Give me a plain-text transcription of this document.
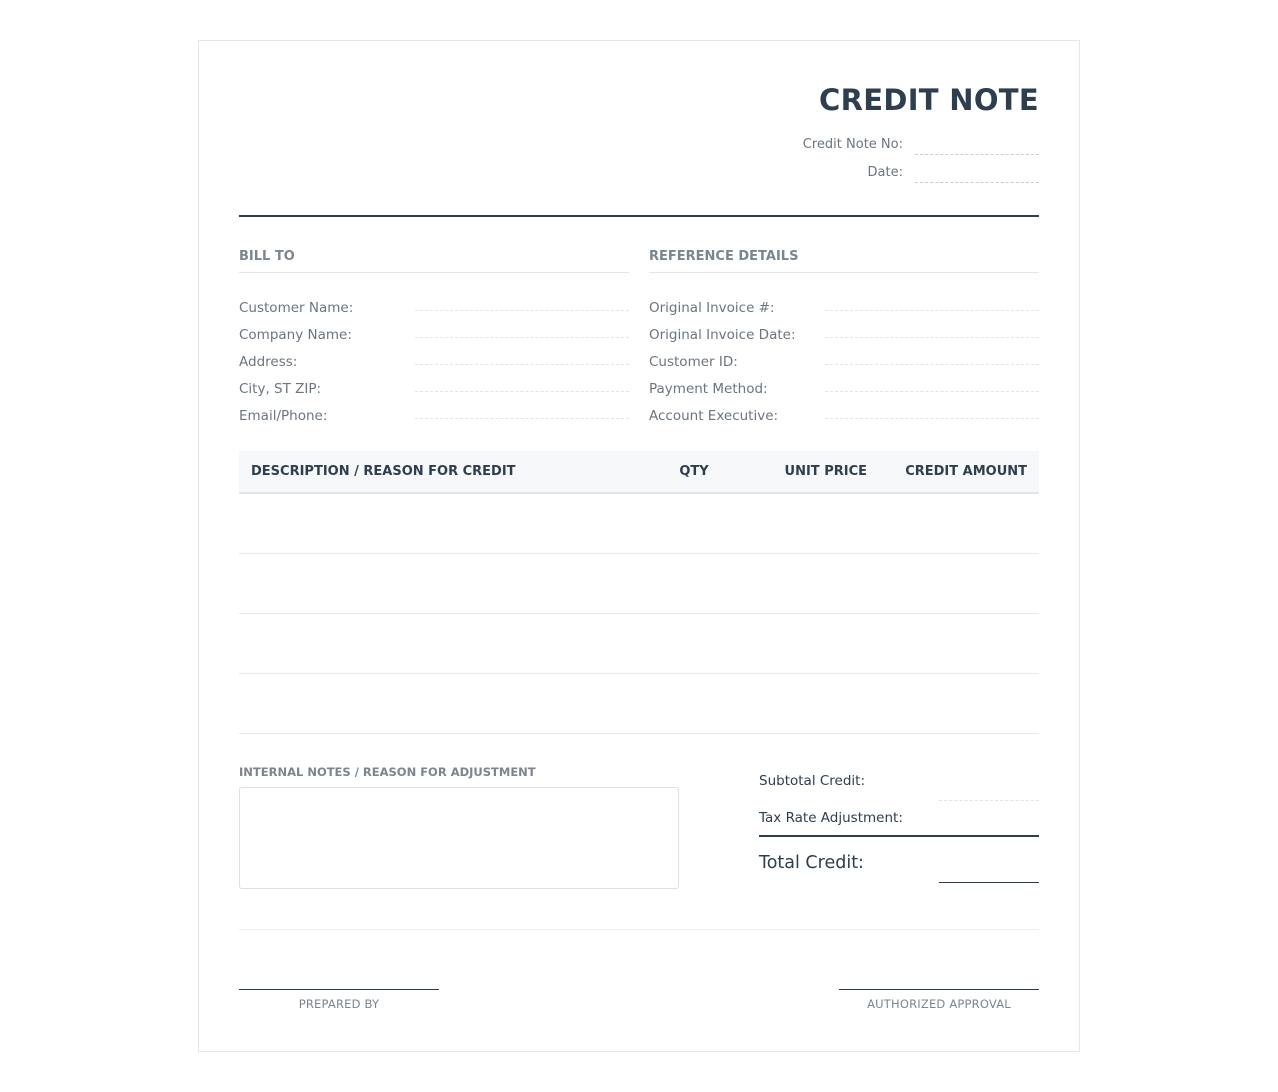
CREDIT NOTE
Credit Note No:
Date:
BILL TO
Customer Name:
Company Name:
Address:
City, ST ZIP:
Email/Phone:
REFERENCE DETAILS
Original Invoice #:
Original Invoice Date:
Customer ID:
Payment Method:
Account Executive:
DESCRIPTION / REASON FOR CREDIT	QTY	UNIT PRICE	CREDIT AMOUNT

INTERNAL NOTES / REASON FOR ADJUSTMENT
Subtotal Credit:
Tax Rate Adjustment:
Total Credit:
PREPARED BY	AUTHORIZED APPROVAL
